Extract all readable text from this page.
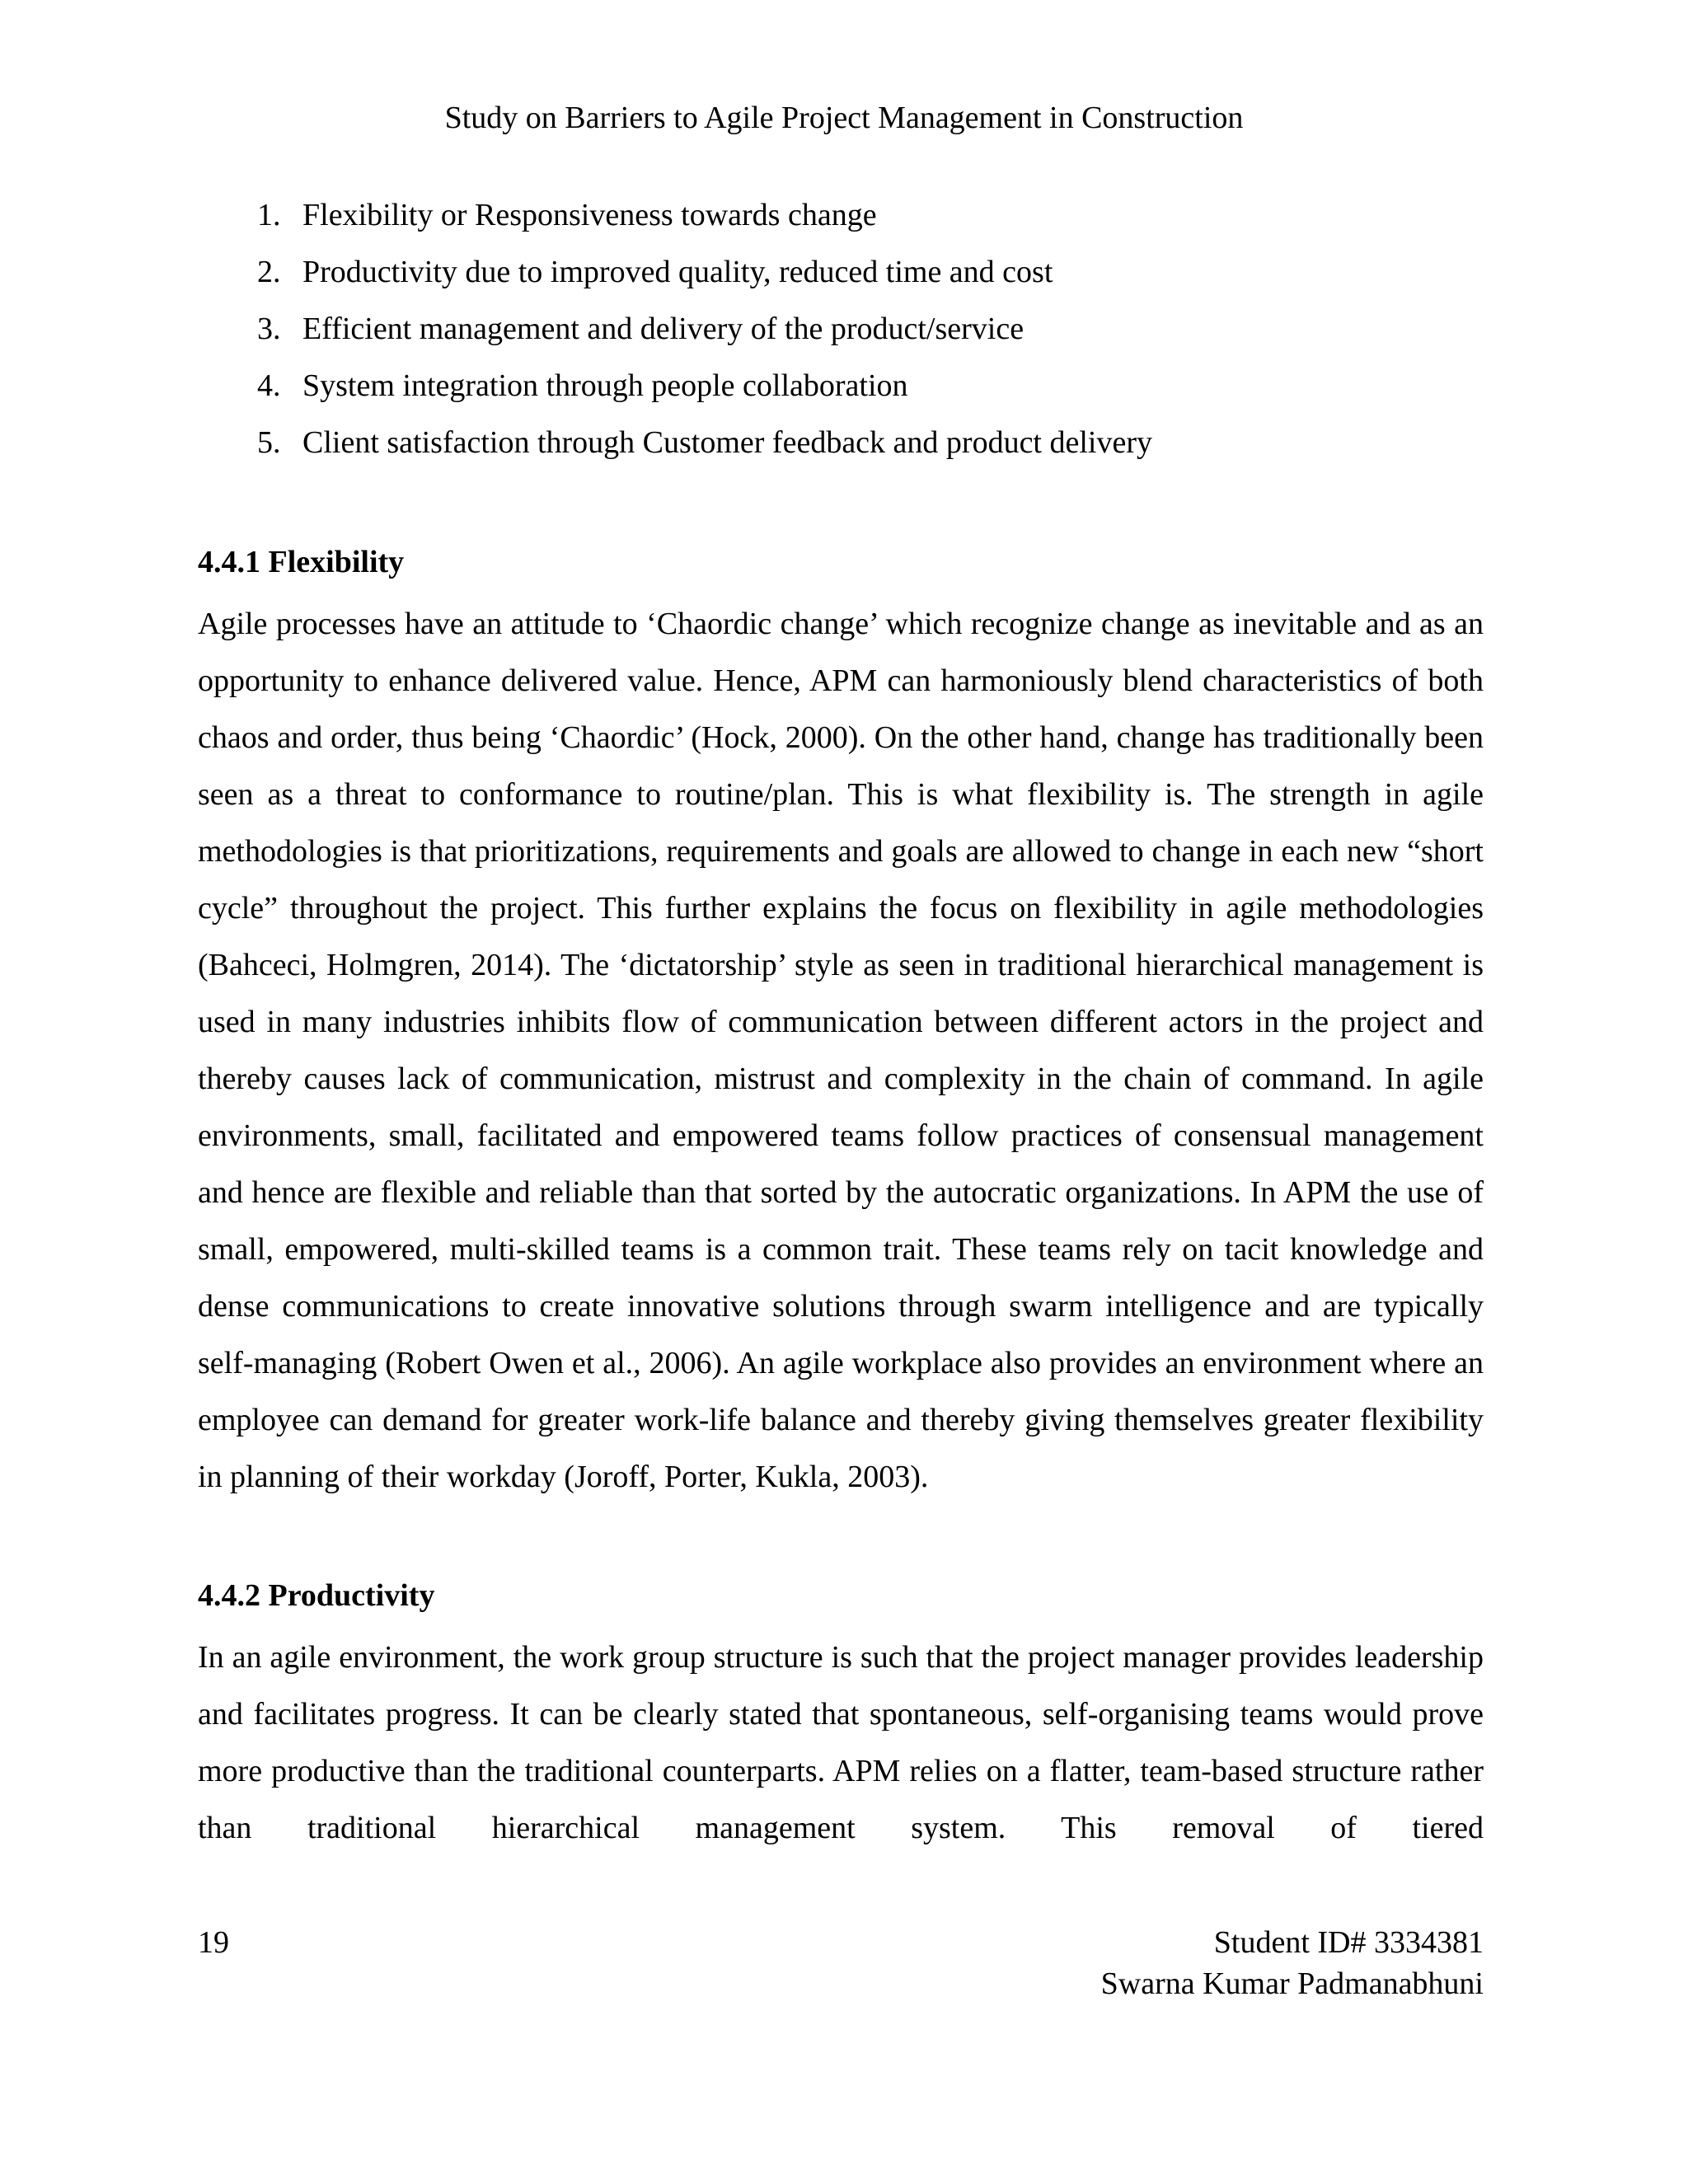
Study on Barriers to Agile Project Management in Construction
1. Flexibility or Responsiveness towards change
2. Productivity due to improved quality, reduced time and cost
3. Efficient management and delivery of the product/service
4. System integration through people collaboration
5. Client satisfaction through Customer feedback and product delivery
4.4.1 Flexibility

Agile processes have an attitude to ‘Chaordic change’ which recognize change as inevitable and as an opportunity to enhance delivered value. Hence, APM can harmoniously blend characteristics of both chaos and order, thus being ‘Chaordic’ (Hock, 2000). On the other hand, change has traditionally been seen as a threat to conformance to routine/plan. This is what flexibility is. The strength in agile methodologies is that prioritizations, requirements and goals are allowed to change in each new “short cycle” throughout the project. This further explains the focus on flexibility in agile methodologies (Bahceci, Holmgren, 2014). The ‘dictatorship’ style as seen in traditional hierarchical management is used in many industries inhibits flow of communication between different actors in the project and thereby causes lack of communication, mistrust and complexity in the chain of command. In agile environments, small, facilitated and empowered teams follow practices of consensual management and hence are flexible and reliable than that sorted by the autocratic organizations. In APM the use of small, empowered, multi-skilled teams is a common trait. These teams rely on tacit knowledge and dense communications to create innovative solutions through swarm intelligence and are typically self-managing (Robert Owen et al., 2006). An agile workplace also provides an environment where an employee can demand for greater work-life balance and thereby giving themselves greater flexibility in planning of their workday (Joroff, Porter, Kukla, 2003).

4.4.2 Productivity

In an agile environment, the work group structure is such that the project manager provides leadership and facilitates progress. It can be clearly stated that spontaneous, self-organising teams would prove more productive than the traditional counterparts. APM relies on a flatter, team-based structure rather than traditional hierarchical management system. This removal of tiered

19	Student ID# 3334381
Swarna Kumar Padmanabhuni
